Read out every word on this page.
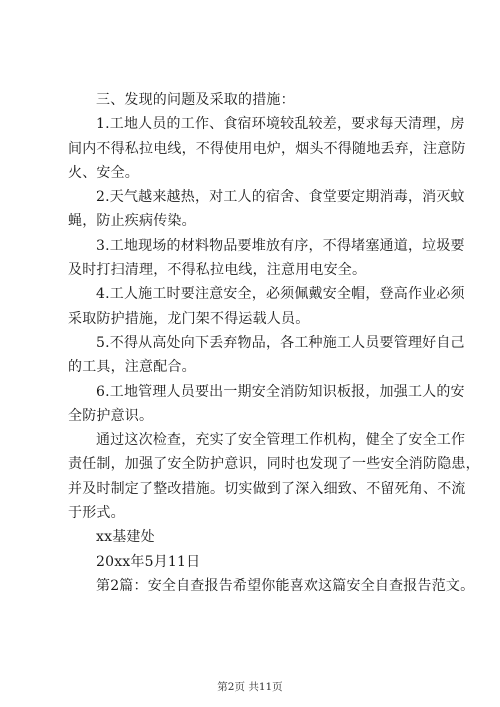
三、发现的问题及采取的措施：
1.工地人员的工作、食宿环境较乱较差，要求每天清理，房
间内不得私拉电线，不得使用电炉，烟头不得随地丢弃，注意防
火、安全。
2.天气越来越热，对工人的宿舍、食堂要定期消毒，消灭蚊
蝇，防止疾病传染。
3.工地现场的材料物品要堆放有序，不得堵塞通道，垃圾要
及时打扫清理，不得私拉电线，注意用电安全。
4.工人施工时要注意安全，必须佩戴安全帽，登高作业必须
采取防护措施，龙门架不得运载人员。
5.不得从高处向下丢弃物品，各工种施工人员要管理好自己
的工具，注意配合。
6.工地管理人员要出一期安全消防知识板报，加强工人的安
全防护意识。
通过这次检查，充实了安全管理工作机构，健全了安全工作
责任制，加强了安全防护意识，同时也发现了一些安全消防隐患，
并及时制定了整改措施。切实做到了深入细致、不留死角、不流
于形式。
xx基建处
20xx年5月11日
第2篇：安全自查报告希望你能喜欢这篇安全自查报告范文。
第2页 共11页
